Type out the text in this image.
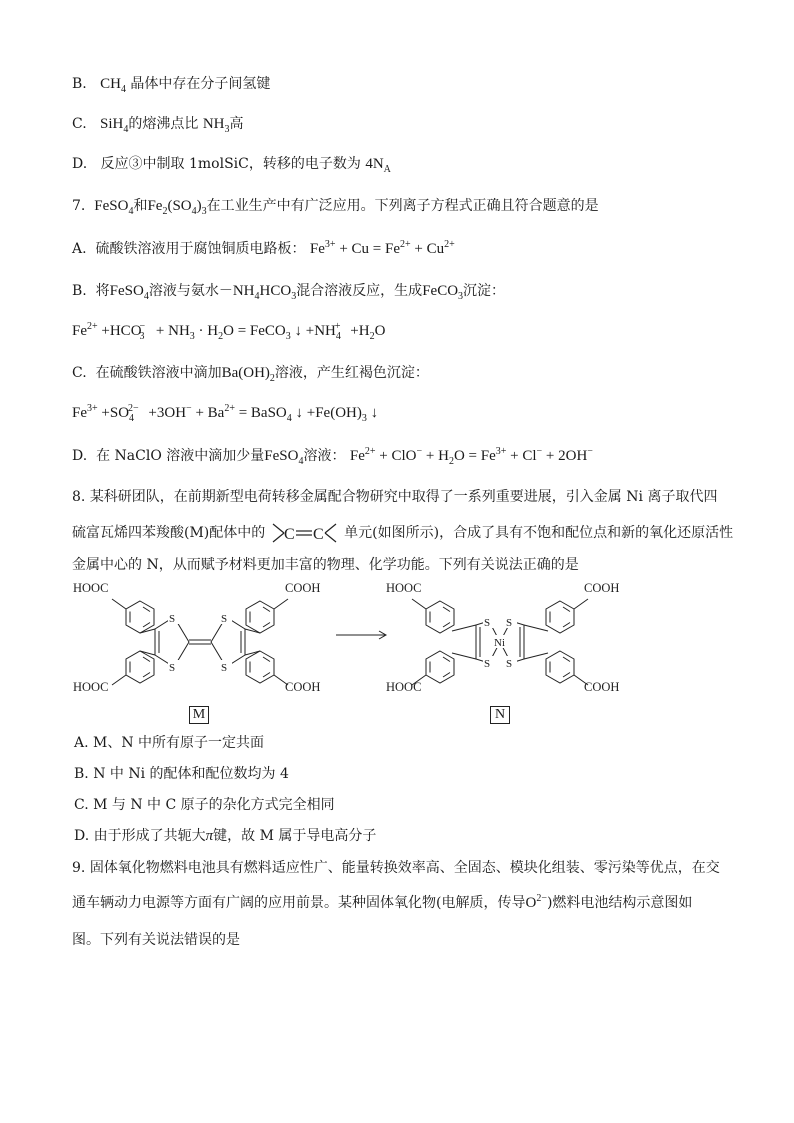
B. $CH_4$ 晶体中存在分子间氢键
C. SiH$_4$的熔沸点比 $NH_3$高
D. 反应③中制取 1molSiC，转移的电子数为 $4N_A$
7. FeSO$_4$和$Fe_2(SO_4)_3$在工业生产中有广泛应用。下列离子方程式正确且符合题意的是
A. 硫酸铁溶液用于腐蚀铜质电路板： $Fe^{3+} + Cu = Fe^{2+} + Cu^{2+}$
B. 将FeSO$_4$溶液与氨水$-NH_4HCO_3$混合溶液反应，生成FeCO$_3$沉淀：
$Fe^{2+} +HCO_3^- + NH_3 \cdot H_2O$ = FeCO$_3$ ↓ $+NH_4^+ +H_2O$
C. 在硫酸铁溶液中滴加$Ba(OH)_2$溶液，产生红褐色沉淀：
$Fe^{3+} +SO_4^{2-} +3OH^- + Ba^{2+}$ = BaSO$_4$ ↓ $+Fe(OH)_3$ ↓
D. 在 NaClO 溶液中滴加少量FeSO$_4$溶液： $Fe^{2+} + ClO^- + H_2O = Fe^{3+} + Cl^- + 2OH^-$
8. 某科研团队，在前期新型电荷转移金属配合物研究中取得了一系列重要进展，引入金属 Ni 离子取代四
硫富瓦烯四苯羧酸(M)配体中的 C C 单元(如图所示)，合成了具有不饱和配位点和新的氧化还原活性
金属中心的 N，从而赋予材料更加丰富的物理、化学功能。下列有关说法正确的是
S
S
S
S
HOOC
HOOC
COOH
COOH
S
S
S
S
Ni
HOOC
HOOC
COOH
COOH
M	N
A. M、N 中所有原子一定共面
B. N 中 Ni 的配体和配位数均为 4
C. M 与 N 中 C 原子的杂化方式完全相同
D. 由于形成了共轭大π键，故 M 属于导电高分子
9. 固体氧化物燃料电池具有燃料适应性广、能量转换效率高、全固态、模块化组装、零污染等优点，在交
通车辆动力电源等方面有广阔的应用前景。某种固体氧化物(电解质，传导$O^{2-}$)燃料电池结构示意图如
图。下列有关说法错误的是
